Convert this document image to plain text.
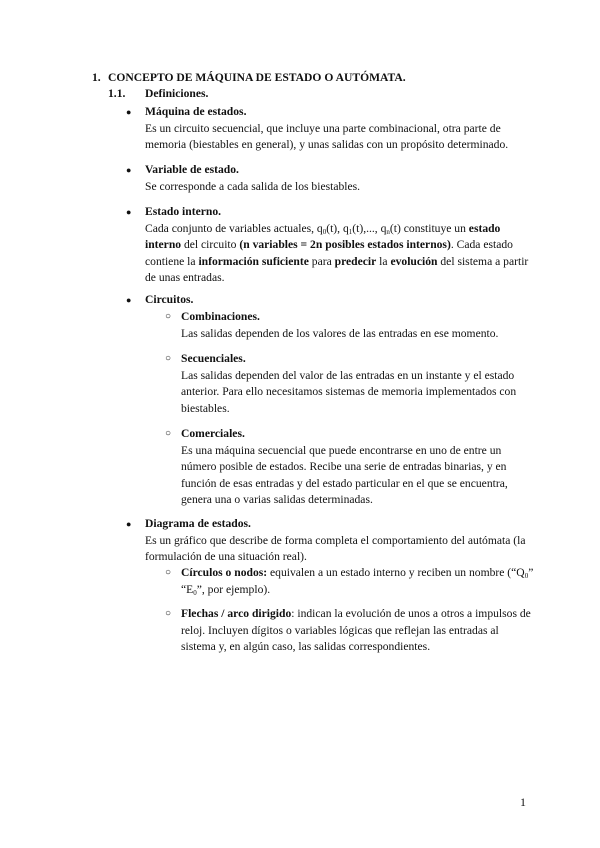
1. CONCEPTO DE MÁQUINA DE ESTADO O AUTÓMATA.
1.1. Definiciones.
● Máquina de estados.
Es un circuito secuencial, que incluye una parte combinacional, otra parte de memoria (biestables en general), y unas salidas con un propósito determinado.
● Variable de estado.
Se corresponde a cada salida de los biestables.
● Estado interno.
Cada conjunto de variables actuales, $q_0(t)$, $q_1(t)$,..., $q_n(t)$ constituye un estado interno del circuito (n variables = 2n posibles estados internos). Cada estado contiene la información suficiente para predecir la evolución del sistema a partir de unas entradas.
● Circuitos.
○ Combinaciones.
Las salidas dependen de los valores de las entradas en ese momento.
○ Secuenciales.
Las salidas dependen del valor de las entradas en un instante y el estado anterior. Para ello necesitamos sistemas de memoria implementados con biestables.
○ Comerciales.
Es una máquina secuencial que puede encontrarse en uno de entre un número posible de estados. Recibe una serie de entradas binarias, y en función de esas entradas y del estado particular en el que se encuentra, genera una o varias salidas determinadas.
● Diagrama de estados.
Es un gráfico que describe de forma completa el comportamiento del autómata (la formulación de una situación real).
○ Círculos o nodos: equivalen a un estado interno y reciben un nombre (“$Q_0$” “$E_0$”, por ejemplo).
○ Flechas / arco dirigido: indican la evolución de unos a otros a impulsos de reloj. Incluyen dígitos o variables lógicas que reflejan las entradas al sistema y, en algún caso, las salidas correspondientes.
1
